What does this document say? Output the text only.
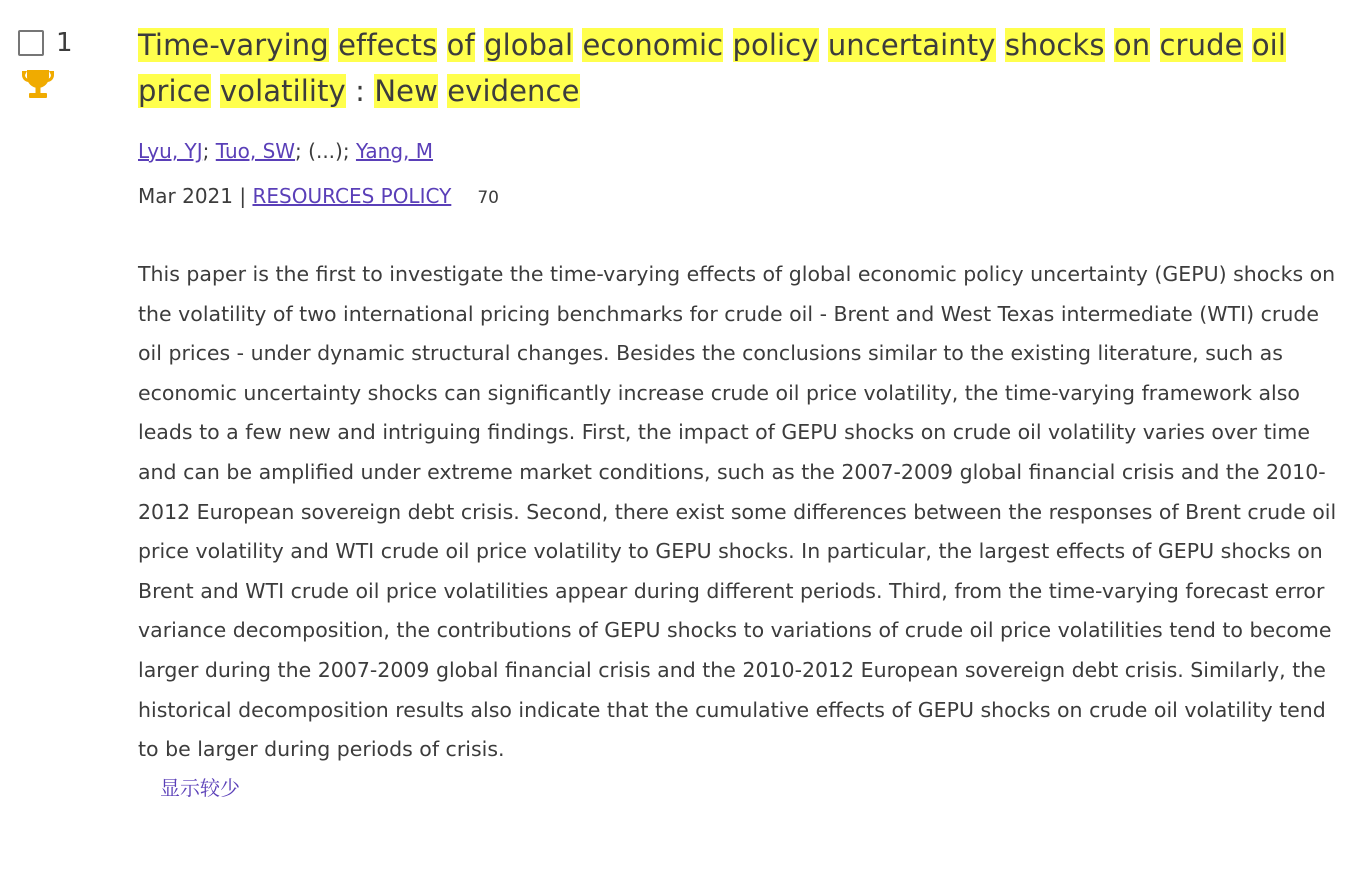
1 Time-varying effects of global economic policy uncertainty shocks on crude oil price volatility : New evidence
Lyu, YJ; Tuo, SW; (...); Yang, M
Mar 2021 | RESOURCES POLICY 70
This paper is the first to investigate the time-varying effects of global economic policy uncertainty (GEPU) shocks on the volatility of two international pricing benchmarks for crude oil - Brent and West Texas intermediate (WTI) crude oil prices - under dynamic structural changes. Besides the conclusions similar to the existing literature, such as economic uncertainty shocks can significantly increase crude oil price volatility, the time-varying framework also leads to a few new and intriguing findings. First, the impact of GEPU shocks on crude oil volatility varies over time and can be amplified under extreme market conditions, such as the 2007-2009 global financial crisis and the 2010-2012 European sovereign debt crisis. Second, there exist some differences between the responses of Brent crude oil price volatility and WTI crude oil price volatility to GEPU shocks. In particular, the largest effects of GEPU shocks on Brent and WTI crude oil price volatilities appear during different periods. Third, from the time-varying forecast error variance decomposition, the contributions of GEPU shocks to variations of crude oil price volatilities tend to become larger during the 2007-2009 global financial crisis and the 2010-2012 European sovereign debt crisis. Similarly, the historical decomposition results also indicate that the cumulative effects of GEPU shocks on crude oil volatility tend to be larger during periods of crisis.
显示较少
